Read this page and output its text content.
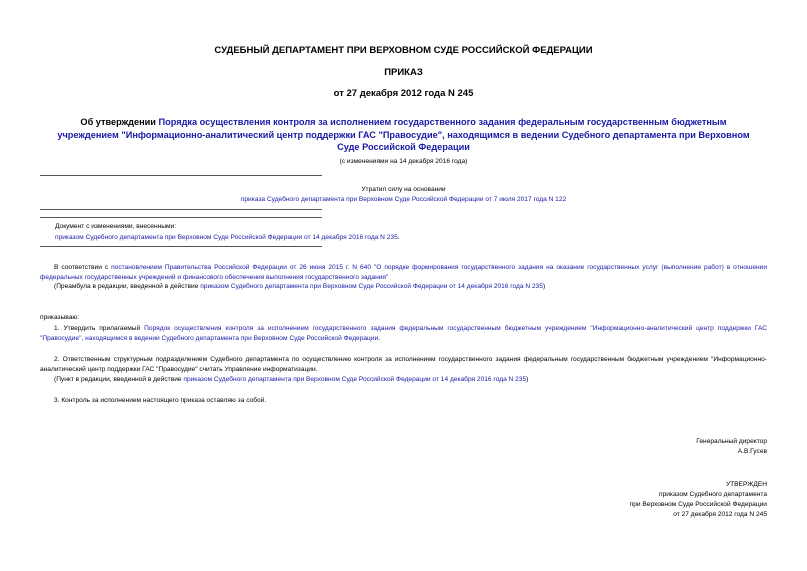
СУДЕБНЫЙ ДЕПАРТАМЕНТ ПРИ ВЕРХОВНОМ СУДЕ РОССИЙСКОЙ ФЕДЕРАЦИИ
ПРИКАЗ
от 27 декабря 2012 года N 245
Об утверждении Порядка осуществления контроля за исполнением государственного задания федеральным государственным бюджетным учреждением "Информационно-аналитический центр поддержки ГАС "Правосудие", находящимся в ведении Судебного департамента при Верховном Суде Российской Федерации
(с изменениями на 14 декабря 2016 года)
Утратил силу на основании
приказа Судебного департамента при Верховном Суде Российской Федерации от 7 июля 2017 года N 122
Документ с изменениями, внесенными:
приказом Судебного департамента при Верховном Суде Российской Федерации от 14 декабря 2016 года N 235.
В соответствии с постановлением Правительства Российской Федерации от 26 июня 2015 г. N 640 "О порядке формирования государственного задания на оказание государственных услуг (выполнение работ) в отношении федеральных государственных учреждений и финансового обеспечения выполнения государственного задания"
(Преамбула в редакции, введенной в действие приказом Судебного департамента при Верховном Суде Российской Федерации от 14 декабря 2016 года N 235)
приказываю:
1. Утвердить прилагаемый Порядок осуществления контроля за исполнением государственного задания федеральным государственным бюджетным учреждением "Информационно-аналитический центр поддержки ГАС "Правосудие", находящимся в ведении Судебного департамента при Верховном Суде Российской Федерации.
2. Ответственным структурным подразделением Судебного департамента по осуществлению контроля за исполнением государственного задания федеральным государственным бюджетным учреждением "Информационно-аналитический центр поддержки ГАС "Правосудие" считать Управление информатизации.
(Пункт в редакции, введенной в действие приказом Судебного департамента при Верховном Суде Российской Федерации от 14 декабря 2016 года N 235)
3. Контроль за исполнением настоящего приказа оставляю за собой.
Генеральный директор
А.В.Гусев
УТВЕРЖДЕН
приказом Судебного департамента
при Верховном Суде Российской Федерации
от 27 декабря 2012 года N 245
